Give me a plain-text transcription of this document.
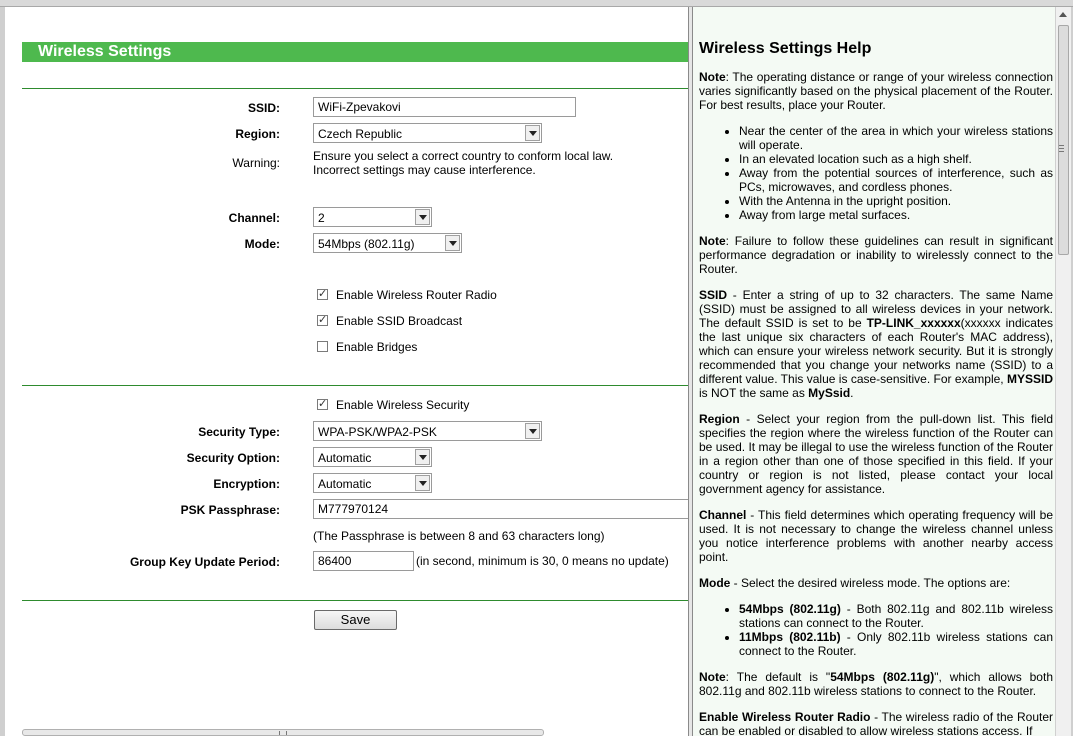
Wireless Settings
SSID:
WiFi-Zpevakovi
Region:	Czech Republic
Warning:	Ensure you select a correct country to conform local law.
Incorrect settings may cause interference.
Channel:	2
Mode:	54Mbps (802.11g)
✓
Enable Wireless Router Radio
✓
Enable SSID Broadcast
Enable Bridges
✓
Enable Wireless Security
Security Type:	WPA-PSK/WPA2-PSK
Security Option:	Automatic
Encryption:	Automatic
PSK Passphrase:
M777970124
(The Passphrase is between 8 and 63 characters long)
Group Key Update Period:
86400	(in second, minimum is 30, 0 means no update)
Save
Wireless Settings Help

Note: The operating distance or range of your wireless connection varies significantly based on the physical placement of the Router. For best results, place your Router.

• Near the center of the area in which your wireless stations will operate.
• In an elevated location such as a high shelf.
• Away from the potential sources of interference, such as PCs, microwaves, and cordless phones.
• With the Antenna in the upright position.
• Away from large metal surfaces.

Note: Failure to follow these guidelines can result in significant performance degradation or inability to wirelessly connect to the Router.

SSID - Enter a string of up to 32 characters. The same Name (SSID) must be assigned to all wireless devices in your network. The default SSID is set to be TP-LINK_xxxxxx(xxxxxx indicates the last unique six characters of each Router's MAC address), which can ensure your wireless network security. But it is strongly recommended that you change your networks name (SSID) to a different value. This value is case-sensitive. For example, MYSSID is NOT the same as MySsid.

Region - Select your region from the pull-down list. This field specifies the region where the wireless function of the Router can be used. It may be illegal to use the wireless function of the Router in a region other than one of those specified in this field. If your country or region is not listed, please contact your local government agency for assistance.

Channel - This field determines which operating frequency will be used. It is not necessary to change the wireless channel unless you notice interference problems with another nearby access point.

Mode - Select the desired wireless mode. The options are:

• 54Mbps (802.11g) - Both 802.11g and 802.11b wireless stations can connect to the Router.
• 11Mbps (802.11b) - Only 802.11b wireless stations can connect to the Router.

Note: The default is "54Mbps (802.11g)", which allows both 802.11g and 802.11b wireless stations to connect to the Router.

Enable Wireless Router Radio - The wireless radio of the Router can be enabled or disabled to allow wireless stations access. If
